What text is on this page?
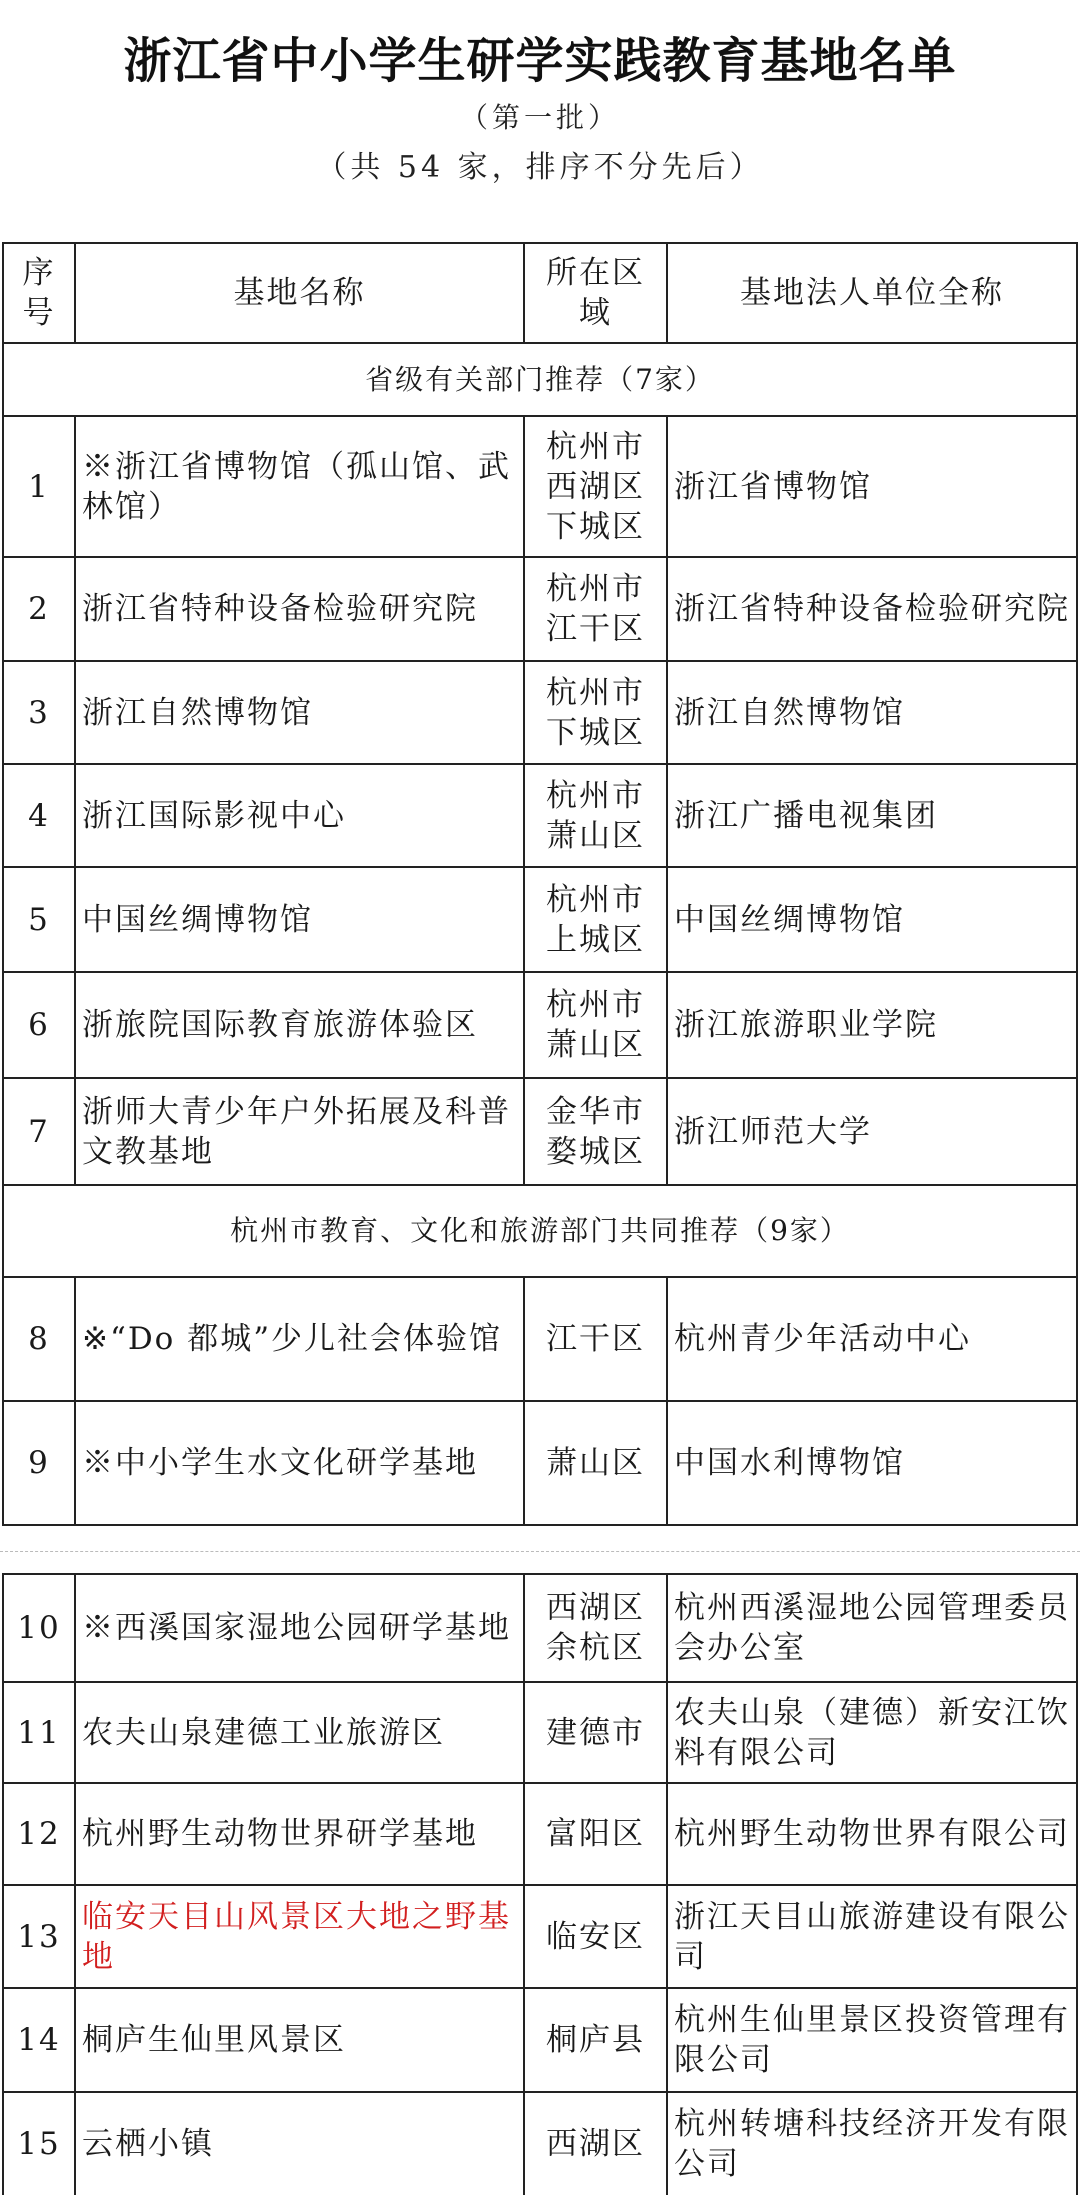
浙江省中小学生研学实践教育基地名单
（第一批）
（共 54 家，排序不分先后）
序号	基地名称	所在区域	基地法人单位全称
省级有关部门推荐（7家）			
1	※浙江省博物馆（孤山馆、武林馆）	杭州市西湖区下城区	浙江省博物馆
2	浙江省特种设备检验研究院	杭州市江干区	浙江省特种设备检验研究院
3	浙江自然博物馆	杭州市下城区	浙江自然博物馆
4	浙江国际影视中心	杭州市萧山区	浙江广播电视集团
5	中国丝绸博物馆	杭州市上城区	中国丝绸博物馆
6	浙旅院国际教育旅游体验区	杭州市萧山区	浙江旅游职业学院
7	浙师大青少年户外拓展及科普文教基地	金华市婺城区	浙江师范大学
杭州市教育、文化和旅游部门共同推荐（9家）			
8	※“Do 都城”少儿社会体验馆	江干区	杭州青少年活动中心
9	※中小学生水文化研学基地	萧山区	中国水利博物馆
10	※西溪国家湿地公园研学基地	西湖区余杭区	杭州西溪湿地公园管理委员会办公室
11	农夫山泉建德工业旅游区	建德市	农夫山泉（建德）新安江饮料有限公司
12	杭州野生动物世界研学基地	富阳区	杭州野生动物世界有限公司
13	临安天目山风景区大地之野基地	临安区	浙江天目山旅游建设有限公司
14	桐庐生仙里风景区	桐庐县	杭州生仙里景区投资管理有限公司
15	云栖小镇	西湖区	杭州转塘科技经济开发有限公司
